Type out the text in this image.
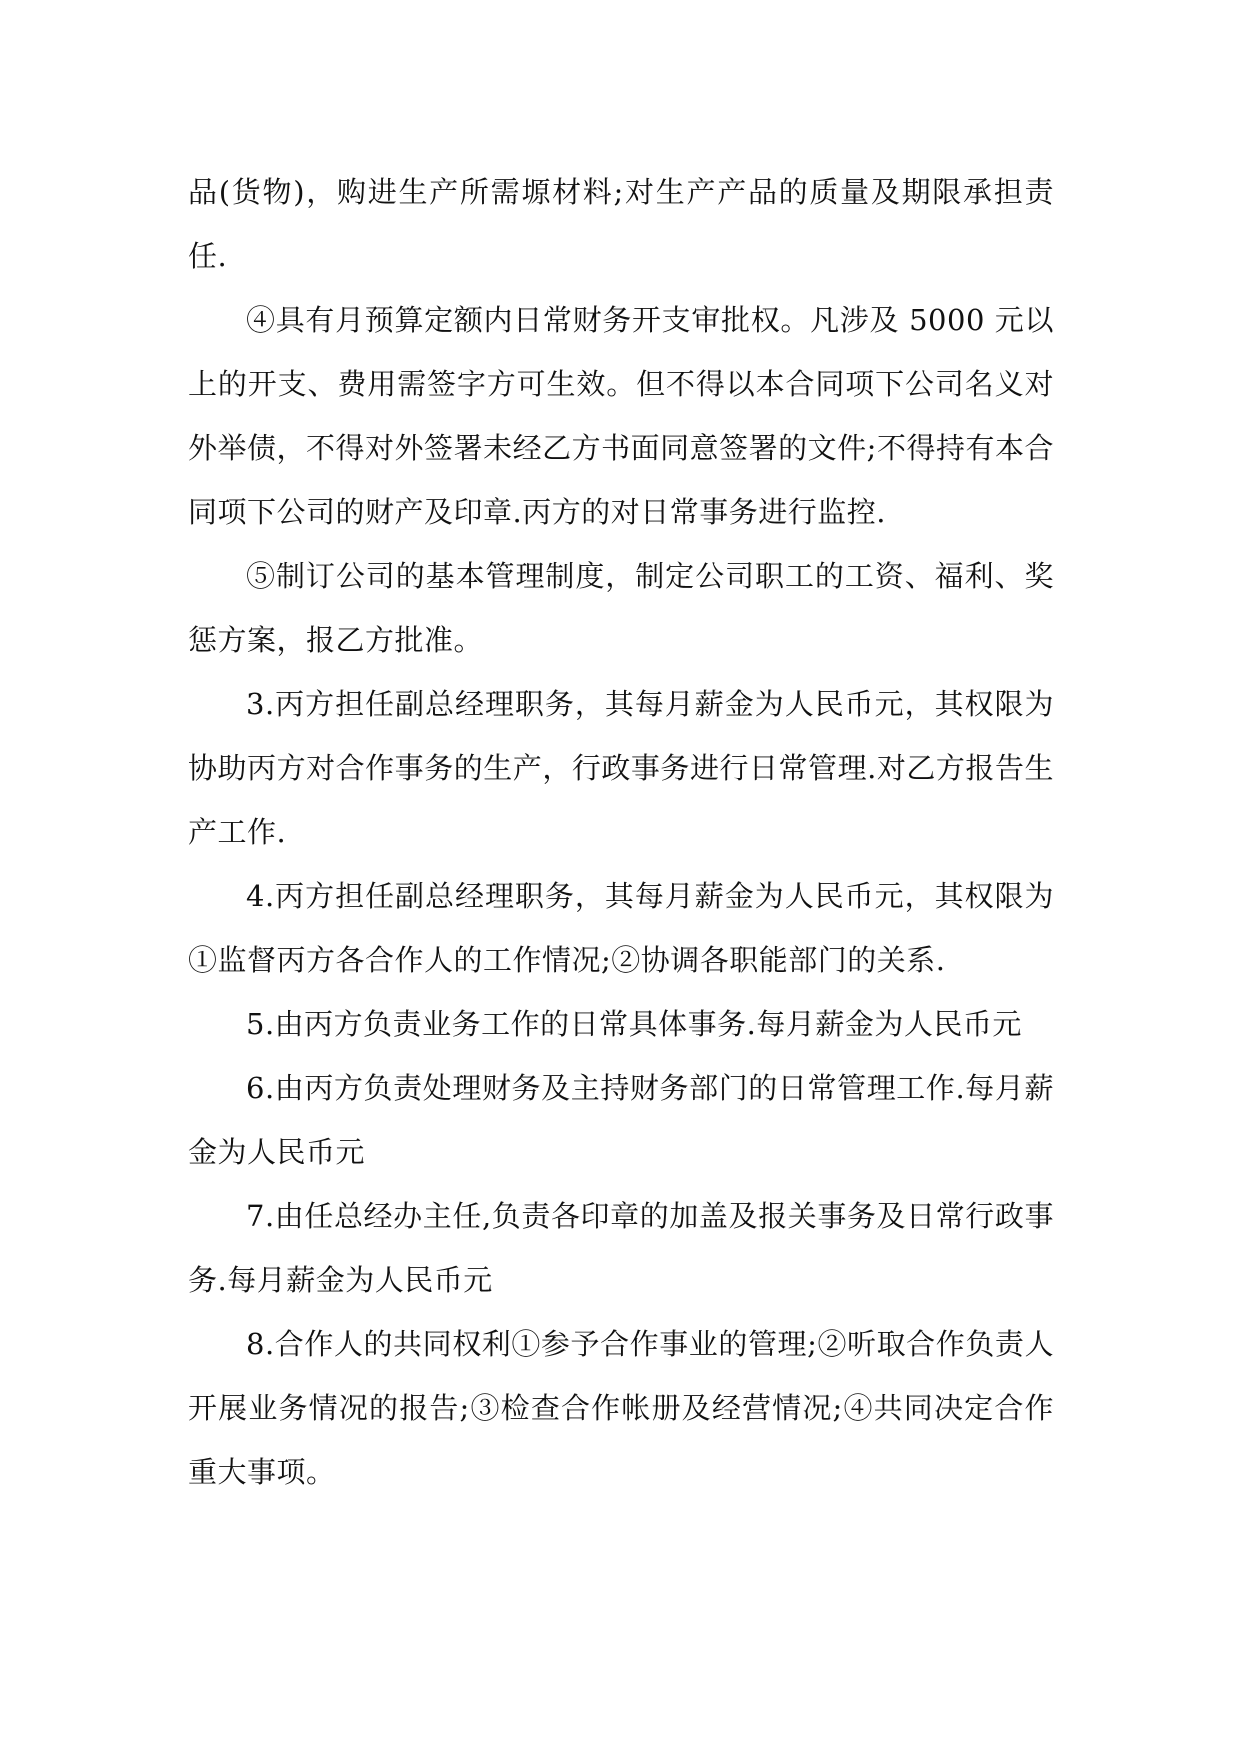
品(货物)，购进生产所需塬材料;对生产产品的质量及期限承担责任.

④具有月预算定额内日常财务开支审批权。凡涉及 5000 元以上的开支、费用需签字方可生效。但不得以本合同项下公司名义对外举债，不得对外签署未经乙方书面同意签署的文件;不得持有本合同项下公司的财产及印章.丙方的对日常事务进行监控.

⑤制订公司的基本管理制度，制定公司职工的工资、福利、奖惩方案，报乙方批准。

3.丙方担任副总经理职务，其每月薪金为人民币元，其权限为协助丙方对合作事务的生产，行政事务进行日常管理.对乙方报告生产工作.

4.丙方担任副总经理职务，其每月薪金为人民币元，其权限为①监督丙方各合作人的工作情况;②协调各职能部门的关系.

5.由丙方负责业务工作的日常具体事务.每月薪金为人民币元

6.由丙方负责处理财务及主持财务部门的日常管理工作.每月薪金为人民币元

7.由任总经办主任,负责各印章的加盖及报关事务及日常行政事务.每月薪金为人民币元

8.合作人的共同权利①参予合作事业的管理;②听取合作负责人开展业务情况的报告;③检查合作帐册及经营情况;④共同决定合作重大事项。
